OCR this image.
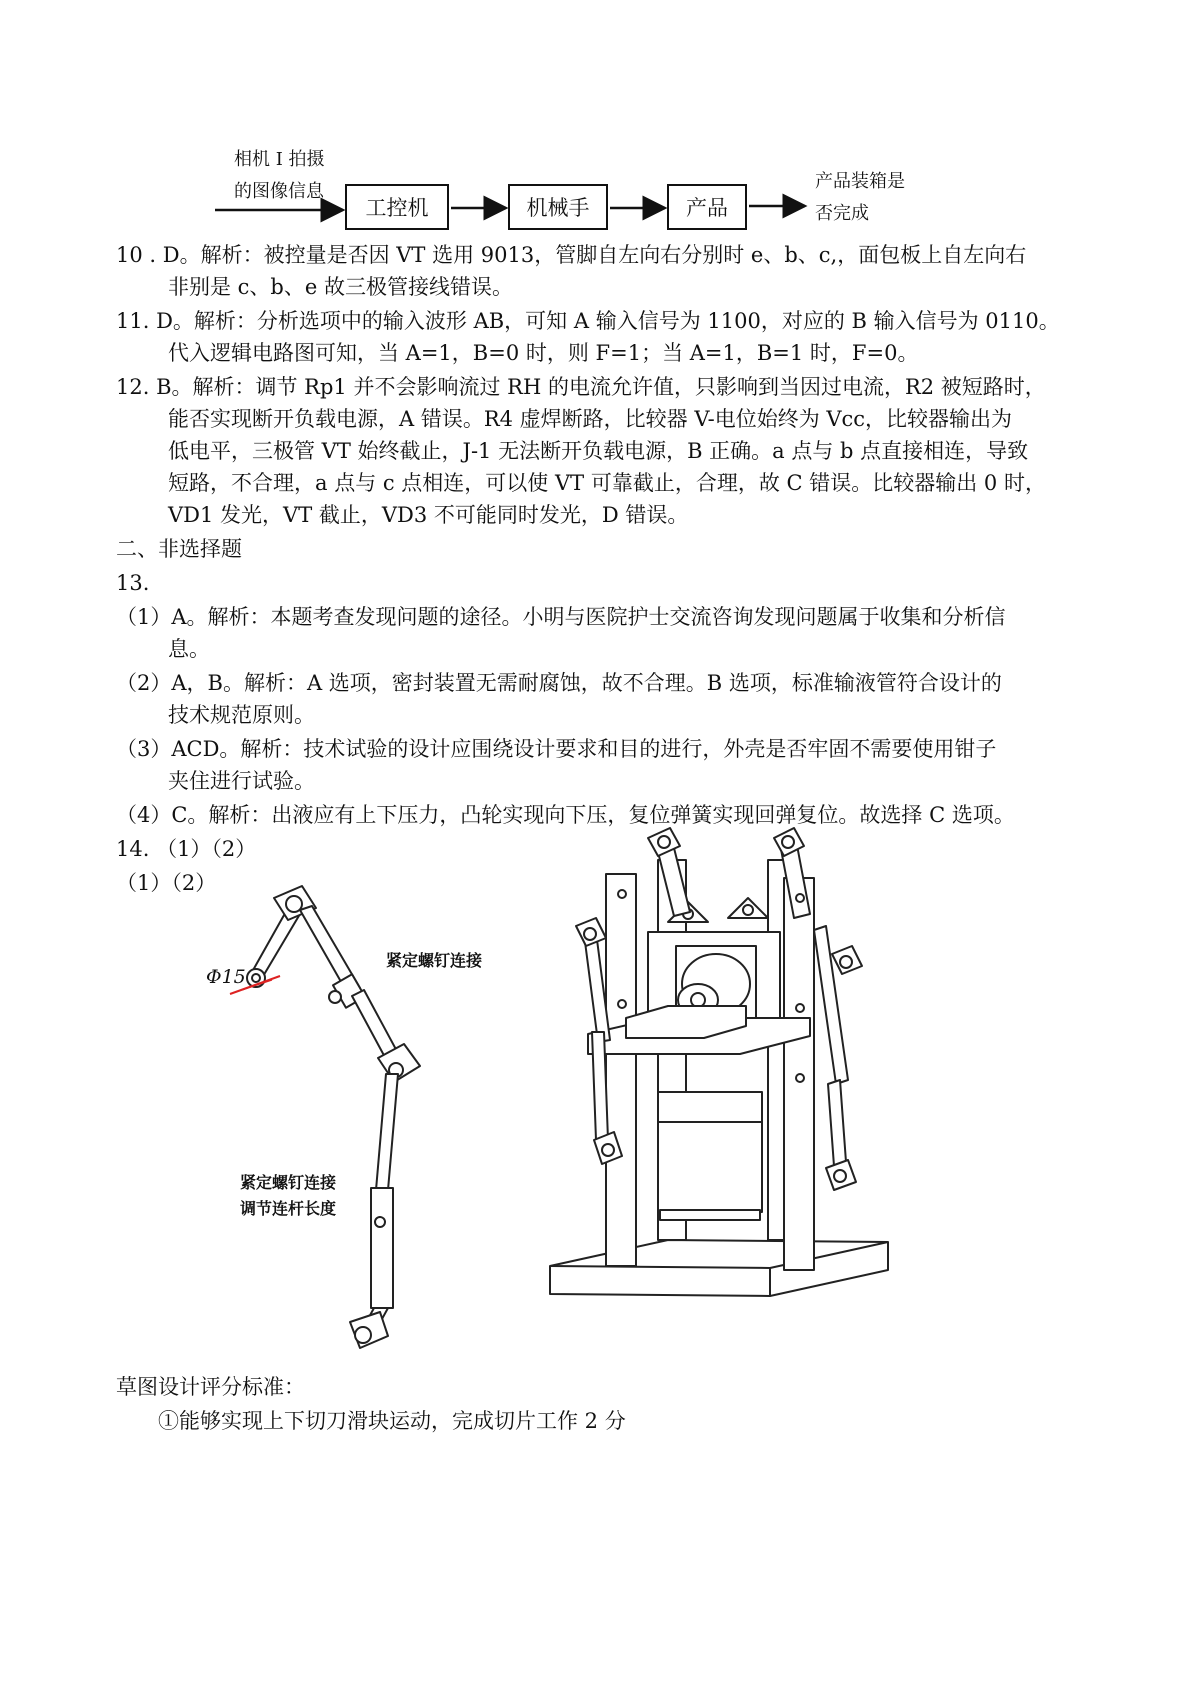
相机 I 拍摄
的图像信息
工控机	机械手	产品
产品装箱是
否完成
10 . D。解析：被控量是否因 VT 选用 9013，管脚自左向右分别时 e、b、c,，面包板上自左向右
非别是 c、b、e 故三极管接线错误。
11. D。解析：分析选项中的输入波形 AB，可知 A 输入信号为 1100，对应的 B 输入信号为 0110。
代入逻辑电路图可知，当 A=1，B=0 时，则 F=1；当 A=1，B=1 时，F=0。
12. B。解析：调节 Rp1 并不会影响流过 RH 的电流允许值，只影响到当因过电流，R2 被短路时，
能否实现断开负载电源，A 错误。R4 虚焊断路，比较器 V-电位始终为 Vcc，比较器输出为
低电平，三极管 VT 始终截止，J-1 无法断开负载电源，B 正确。a 点与 b 点直接相连，导致
短路，不合理，a 点与 c 点相连，可以使 VT 可靠截止，合理，故 C 错误。比较器输出 0 时，
VD1 发光，VT 截止，VD3 不可能同时发光，D 错误。
二、非选择题
13.
（1）A。解析：本题考查发现问题的途径。小明与医院护士交流咨询发现问题属于收集和分析信
息。
（2）A，B。解析：A 选项，密封装置无需耐腐蚀，故不合理。B 选项，标准输液管符合设计的
技术规范原则。
（3）ACD。解析：技术试验的设计应围绕设计要求和目的进行，外壳是否牢固不需要使用钳子
夹住进行试验。
（4）C。解析：出液应有上下压力，凸轮实现向下压，复位弹簧实现回弹复位。故选择 C 选项。
14. （1）（2）
（1）（2）
Φ15
紧定螺钉连接
紧定螺钉连接
调节连杆长度
草图设计评分标准：
①能够实现上下切刀滑块运动，完成切片工作 2 分
